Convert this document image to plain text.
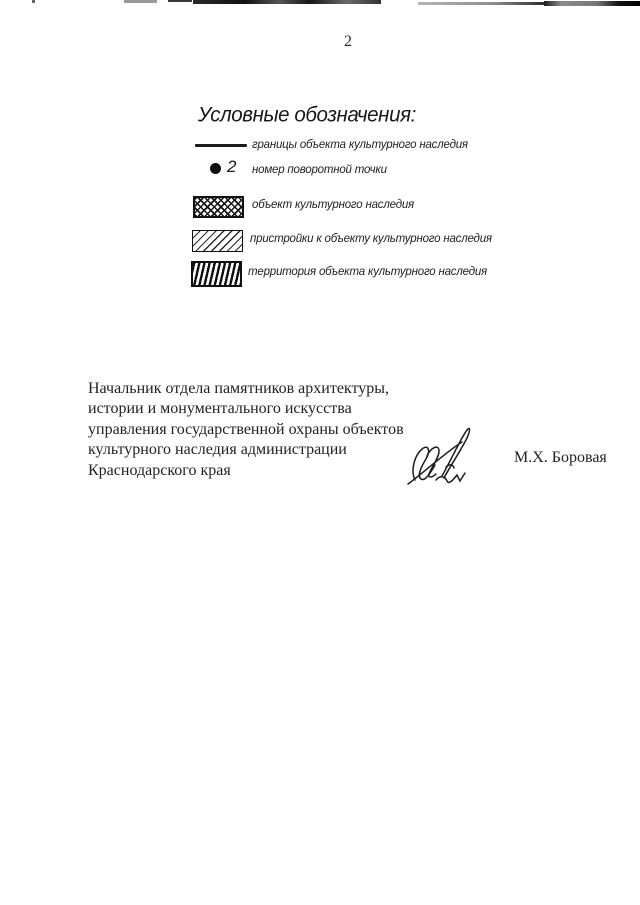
2
Условные обозначения:
границы объекта культурного наследия
2 номер поворотной точки
объект культурного наследия
пристройки к объекту культурного наследия
территория объекта культурного наследия
Начальник отдела памятников архитектуры,
истории и монументального искусства
управления государственной охраны объектов
культурного наследия администрации
Краснодарского края
М.Х. Боровая
